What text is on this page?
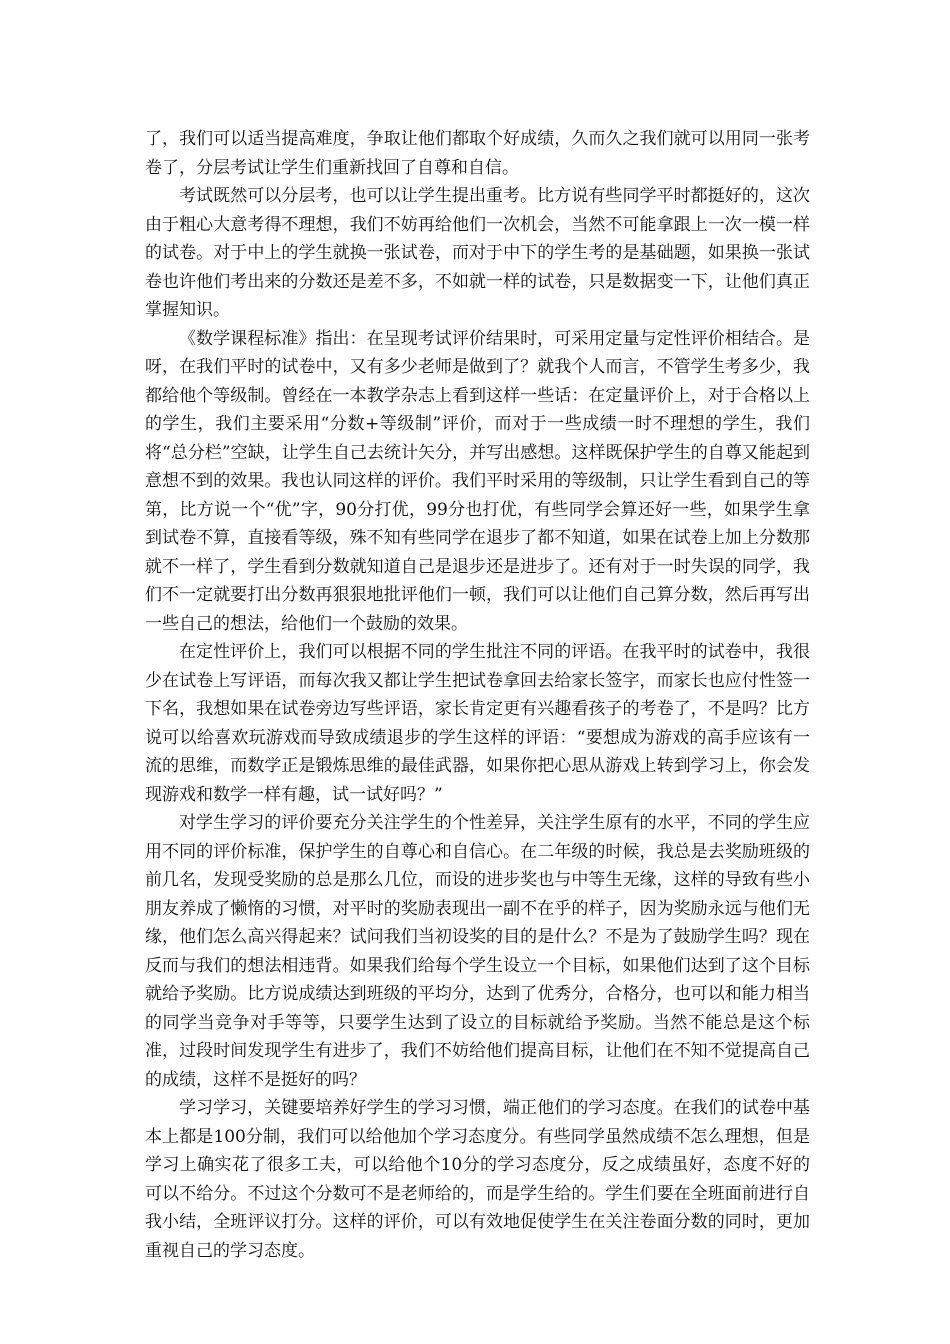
了，我们可以适当提高难度，争取让他们都取个好成绩，久而久之我们就可以用同一张考卷了，分层考试让学生们重新找回了自尊和自信。

考试既然可以分层考，也可以让学生提出重考。比方说有些同学平时都挺好的，这次由于粗心大意考得不理想，我们不妨再给他们一次机会，当然不可能拿跟上一次一模一样的试卷。对于中上的学生就换一张试卷，而对于中下的学生考的是基础题，如果换一张试卷也许他们考出来的分数还是差不多，不如就一样的试卷，只是数据变一下，让他们真正掌握知识。

《数学课程标准》指出：在呈现考试评价结果时，可采用定量与定性评价相结合。是呀，在我们平时的试卷中，又有多少老师是做到了？就我个人而言，不管学生考多少，我都给他个等级制。曾经在一本教学杂志上看到这样一些话：在定量评价上，对于合格以上的学生，我们主要采用“分数+等级制”评价，而对于一些成绩一时不理想的学生，我们将“总分栏”空缺，让学生自己去统计矢分，并写出感想。这样既保护学生的自尊又能起到意想不到的效果。我也认同这样的评价。我们平时采用的等级制，只让学生看到自己的等第，比方说一个“优”字，90分打优，99分也打优，有些同学会算还好一些，如果学生拿到试卷不算，直接看等级，殊不知有些同学在退步了都不知道，如果在试卷上加上分数那就不一样了，学生看到分数就知道自己是退步还是进步了。还有对于一时失误的同学，我们不一定就要打出分数再狠狠地批评他们一顿，我们可以让他们自己算分数，然后再写出一些自己的想法，给他们一个鼓励的效果。

在定性评价上，我们可以根据不同的学生批注不同的评语。在我平时的试卷中，我很少在试卷上写评语，而每次我又都让学生把试卷拿回去给家长签字，而家长也应付性签一下名，我想如果在试卷旁边写些评语，家长肯定更有兴趣看孩子的考卷了，不是吗？比方说可以给喜欢玩游戏而导致成绩退步的学生这样的评语：“要想成为游戏的高手应该有一流的思维，而数学正是锻炼思维的最佳武器，如果你把心思从游戏上转到学习上，你会发现游戏和数学一样有趣，试一试好吗？”

对学生学习的评价要充分关注学生的个性差异，关注学生原有的水平，不同的学生应用不同的评价标准，保护学生的自尊心和自信心。在二年级的时候，我总是去奖励班级的前几名，发现受奖励的总是那么几位，而设的进步奖也与中等生无缘，这样的导致有些小朋友养成了懒惰的习惯，对平时的奖励表现出一副不在乎的样子，因为奖励永远与他们无缘，他们怎么高兴得起来？试问我们当初设奖的目的是什么？不是为了鼓励学生吗？现在反而与我们的想法相违背。如果我们给每个学生设立一个目标，如果他们达到了这个目标就给予奖励。比方说成绩达到班级的平均分，达到了优秀分，合格分，也可以和能力相当的同学当竞争对手等等，只要学生达到了设立的目标就给予奖励。当然不能总是这个标准，过段时间发现学生有进步了，我们不妨给他们提高目标，让他们在不知不觉提高自己的成绩，这样不是挺好的吗？

学习学习，关键要培养好学生的学习习惯，端正他们的学习态度。在我们的试卷中基本上都是100分制，我们可以给他加个学习态度分。有些同学虽然成绩不怎么理想，但是学习上确实花了很多工夫，可以给他个10分的学习态度分，反之成绩虽好，态度不好的可以不给分。不过这个分数可不是老师给的，而是学生给的。学生们要在全班面前进行自我小结，全班评议打分。这样的评价，可以有效地促使学生在关注卷面分数的同时，更加重视自己的学习态度。
